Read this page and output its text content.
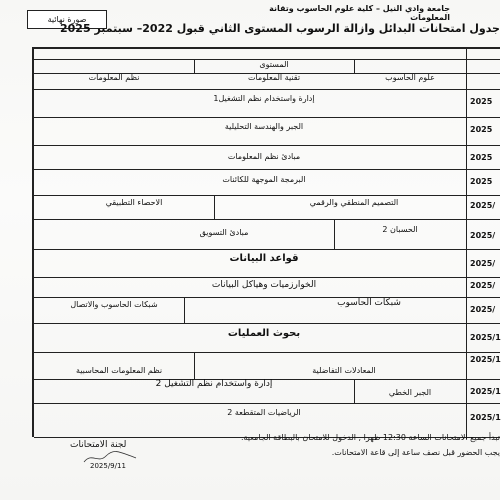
جامعة وادي النيل – كلية علوم الحاسوب وتقانة المعلومات
صورة نهائية
جدول امتحانات البدائل وازالة الرسوب المستوى الثاني قبول 2022– سبتمبر 2025
المستوى
علوم الحاسوب
تقنية المعلومات
نظم المعلومات
إدارة واستخدام نظم التشغيل1
الجبر والهندسة التحليلية
مبادئ نظم المعلومات
البرمجة الموجهة للكائنات
التصميم المنطقي والرقمي
الاحصاء التطبيقي
الحسبان 2
مبادئ التسويق
قواعد البيانات
الخوارزميات وهياكل البيانات
شبكات الحاسوب
شبكات الحاسوب والاتصال
بحوث العمليات
المعادلات التفاضلية
نظم المعلومات المحاسبية
الجبر الخطي
إدارة واستخدام نظم التشغيل 2
الرياضيات المتقطعة 2
2025
2025
2025
2025
2025/
2025/
2025/
2025/
2025/
2025/1
2025/1
2025/1
2025/1
تبدأ جميع الامتحانات الساعة 12:30 ظهرا , الدخول للامتحان بالبطاقة الجامعية.
يجب الحضور قبل نصف ساعة إلى قاعة الامتحانات.
لجنة الامتحانات
2025/9/11
